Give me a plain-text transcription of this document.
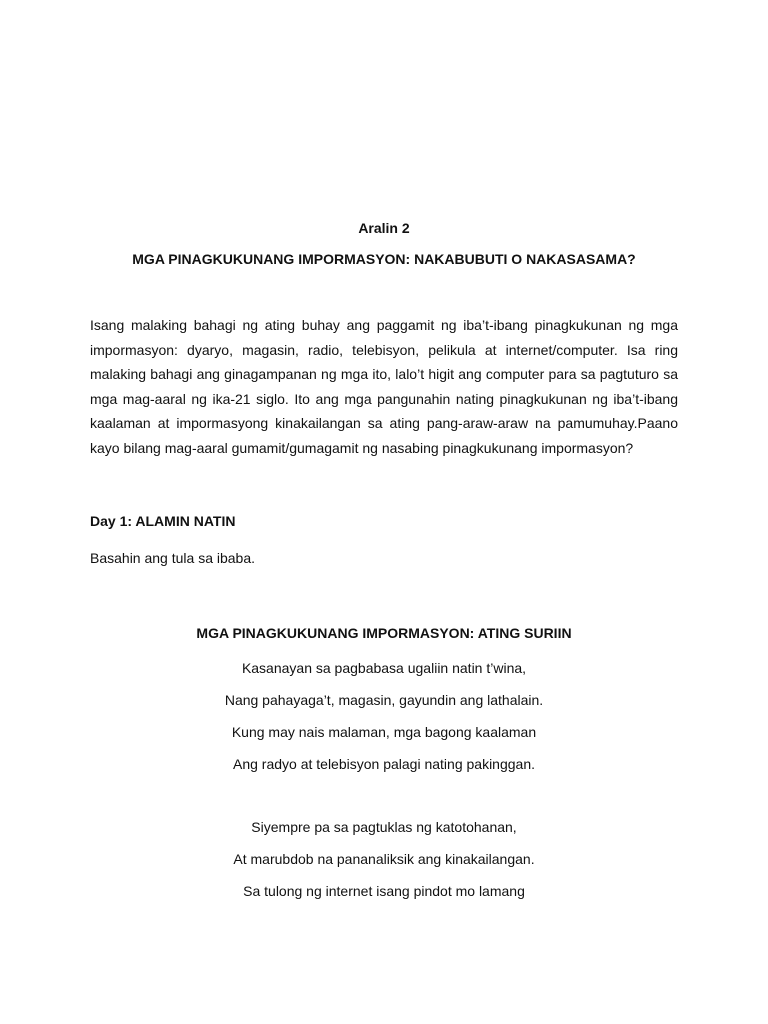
Aralin 2
MGA PINAGKUKUNANG IMPORMASYON: NAKABUBUTI O NAKASASAMA?

Isang malaking bahagi ng ating buhay ang paggamit ng iba’t-ibang pinagkukunan ng mga impormasyon: dyaryo, magasin, radio, telebisyon, pelikula at internet/computer. Isa ring malaking bahagi ang ginagampanan ng mga ito, lalo’t higit ang computer para sa pagtuturo sa mga mag-aaral ng ika-21 siglo. Ito ang mga pangunahin nating pinagkukunan ng iba’t-ibang kaalaman at impormasyong kinakailangan sa ating pang-araw-araw na pamumuhay.Paano kayo bilang mag-aaral gumamit/gumagamit ng nasabing pinagkukunang impormasyon?

Day 1: ALAMIN NATIN
Basahin ang tula sa ibaba.
MGA PINAGKUKUNANG IMPORMASYON: ATING SURIIN
Kasanayan sa pagbabasa ugaliin natin t’wina,
Nang pahayaga’t, magasin, gayundin ang lathalain.
Kung may nais malaman, mga bagong kaalaman
Ang radyo at telebisyon palagi nating pakinggan.
Siyempre pa sa pagtuklas ng katotohanan,
At marubdob na pananaliksik ang kinakailangan.
Sa tulong ng internet isang pindot mo lamang
